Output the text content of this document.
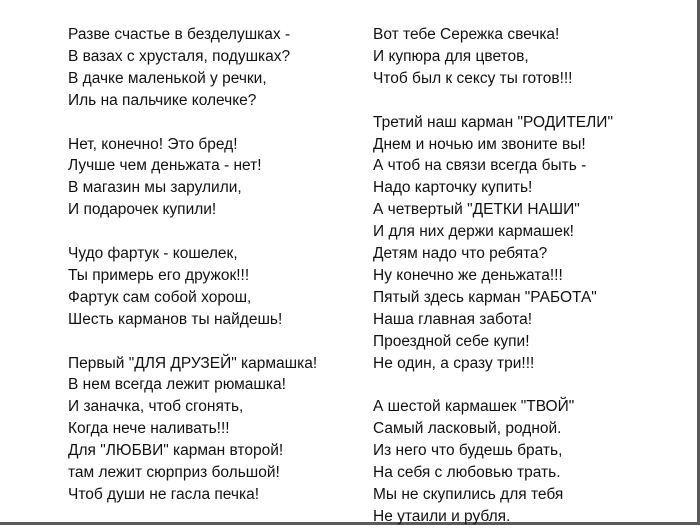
Разве счастье в безделушках -
В вазах с хрусталя, подушках?
В дачке маленькой у речки,
Иль на пальчике колечке?
Нет, конечно! Это бред!
Лучше чем деньжата - нет!
В магазин мы зарулили,
И подарочек купили!
Чудо фартук - кошелек,
Ты примерь его дружок!!!
Фартук сам собой хорош,
Шесть карманов ты найдешь!
Первый "ДЛЯ ДРУЗЕЙ" кармашка!
В нем всегда лежит рюмашка!
И заначка, чтоб сгонять,
Когда нече наливать!!!
Для "ЛЮБВИ" карман второй!
там лежит сюрприз большой!
Чтоб души не гасла печка!
Вот тебе Сережка свечка!
И купюра для цветов,
Чтоб был к сексу ты готов!!!
Третий наш карман "РОДИТЕЛИ"
Днем и ночью им звоните вы!
А чтоб на связи всегда быть -
Надо карточку купить!
А четвертый "ДЕТКИ НАШИ"
И для них держи кармашек!
Детям надо что ребята?
Ну конечно же деньжата!!!
Пятый здесь карман "РАБОТА"
Наша главная забота!
Проездной себе купи!
Не один, а сразу три!!!
А шестой кармашек "ТВОЙ"
Самый ласковый, родной.
Из него что будешь брать,
На себя с любовью трать.
Мы не скупились для тебя
Не утаили и рубля.
